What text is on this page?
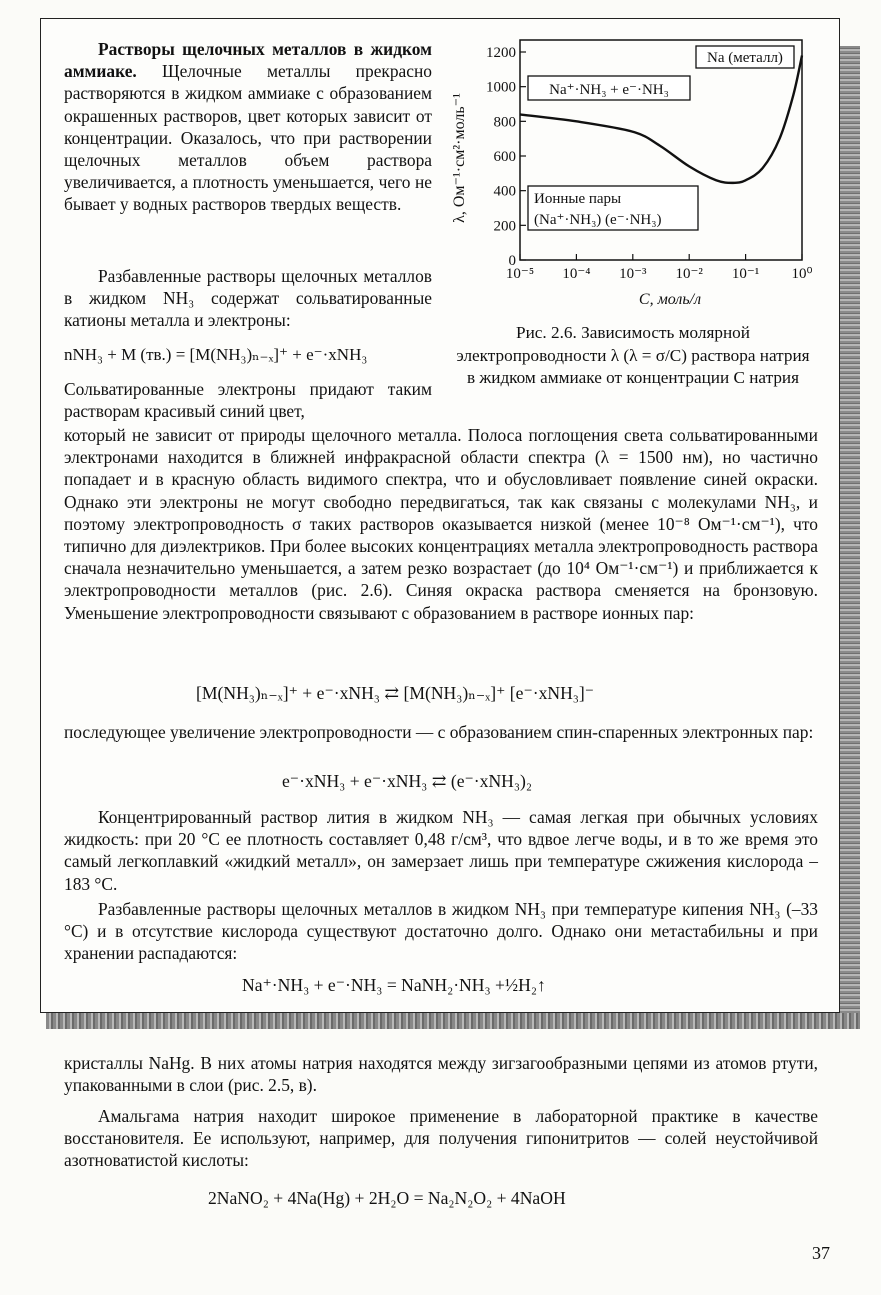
Растворы щелочных металлов в жидком аммиаке. Щелочные металлы прекрасно растворяются в жидком аммиаке с образованием окрашенных растворов, цвет которых зависит от концентрации. Оказалось, что при растворении щелочных металлов объем раствора увеличивается, а плотность уменьшается, чего не бывает у водных растворов твердых веществ.

Разбавленные растворы щелочных металлов в жидком NH₃ содержат сольватированные катионы металла и электроны:

nNH₃ + M (тв.) = [M(NH₃)ₙ₋ₓ]⁺ + e⁻·xNH₃

Сольватированные электроны придают таким растворам красивый синий цвет,

0
200
400
600
800
1000
1200
10⁻⁵ 10⁻⁴ 10⁻³ 10⁻² 10⁻¹ 10⁰
λ, Ом⁻¹·см²·моль⁻¹
C, моль/л
Na (металл)
Na⁺·NH₃ + e⁻·NH₃
Ионные пары
(Na⁺·NH₃) (e⁻·NH₃)

Рис. 2.6. Зависимость молярной электропроводности λ (λ = σ/C) раствора натрия в жидком аммиаке от концентрации C натрия

который не зависит от природы щелочного металла. Полоса поглощения света сольватированными электронами находится в ближней инфракрасной области спектра (λ = 1500 нм), но частично попадает и в красную область видимого спектра, что и обусловливает появление синей окраски. Однако эти электроны не могут свободно передвигаться, так как связаны с молекулами NH₃, и поэтому электропроводность σ таких растворов оказывается низкой (менее 10⁻⁸ Ом⁻¹·см⁻¹), что типично для диэлектриков. При более высоких концентрациях металла электропроводность раствора сначала незначительно уменьшается, а затем резко возрастает (до 10⁴ Ом⁻¹·см⁻¹) и приближается к электропроводности металлов (рис. 2.6). Синяя окраска раствора сменяется на бронзовую. Уменьшение электропроводности связывают с образованием в растворе ионных пар:

[M(NH₃)ₙ₋ₓ]⁺ + e⁻·xNH₃ ⇄ [M(NH₃)ₙ₋ₓ]⁺ [e⁻·xNH₃]⁻

последующее увеличение электропроводности — с образованием спин-спаренных электронных пар:

e⁻·xNH₃ + e⁻·xNH₃ ⇄ (e⁻·xNH₃)₂

Концентрированный раствор лития в жидком NH₃ — самая легкая при обычных условиях жидкость: при 20 °C ее плотность составляет 0,48 г/см³, что вдвое легче воды, и в то же время это самый легкоплавкий «жидкий металл», он замерзает лишь при температуре сжижения кислорода –183 °C.

Разбавленные растворы щелочных металлов в жидком NH₃ при температуре кипения NH₃ (–33 °C) и в отсутствие кислорода существуют достаточно долго. Однако они метастабильны и при хранении распадаются:

Na⁺·NH₃ + e⁻·NH₃ = NaNH₂·NH₃ +½H₂↑

кристаллы NaHg. В них атомы натрия находятся между зигзагообразными цепями из атомов ртути, упакованными в слои (рис. 2.5, в).

Амальгама натрия находит широкое применение в лабораторной практике в качестве восстановителя. Ее используют, например, для получения гипонитритов — солей неустойчивой азотноватистой кислоты:

2NaNO₂ + 4Na(Hg) + 2H₂O = Na₂N₂O₂ + 4NaOH
37
